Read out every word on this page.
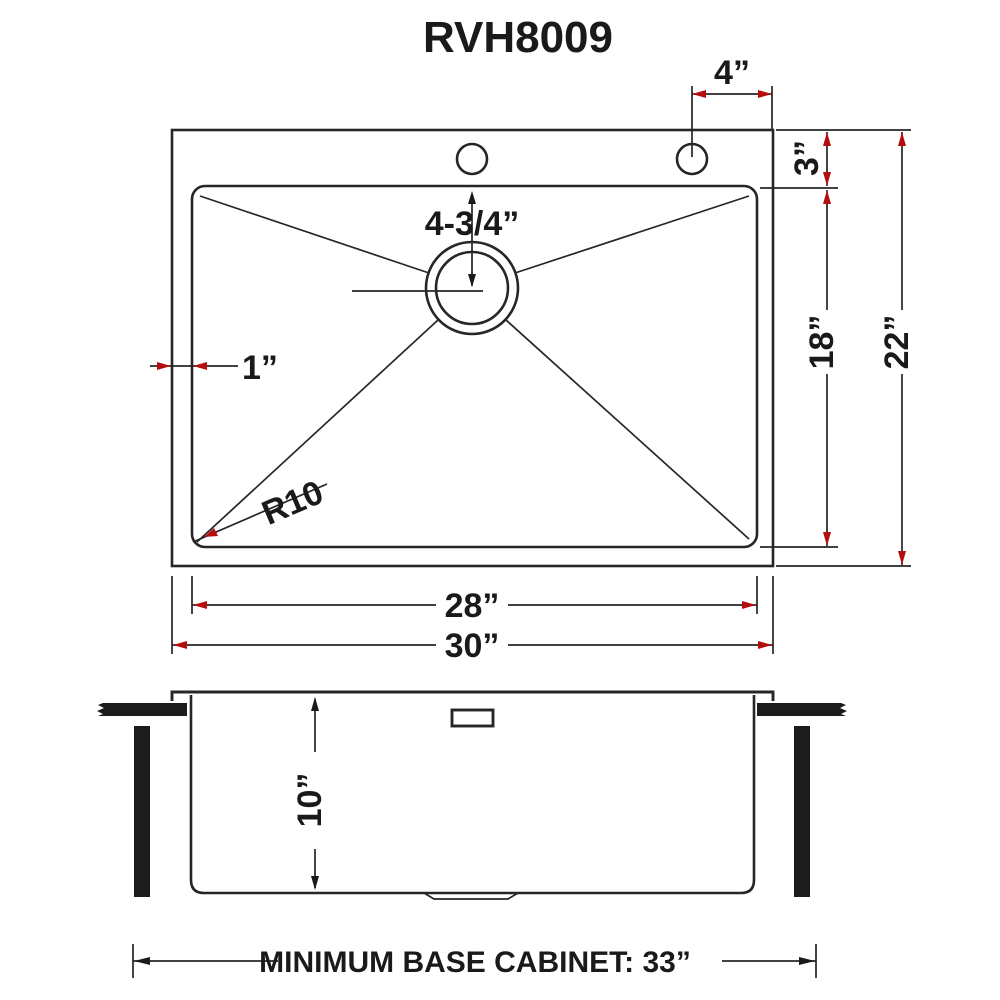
RVH8009
4-3/4”
4”
3”
18” 22”
1”
R10
28”
30”
10”
MINIMUM BASE CABINET: 33”
